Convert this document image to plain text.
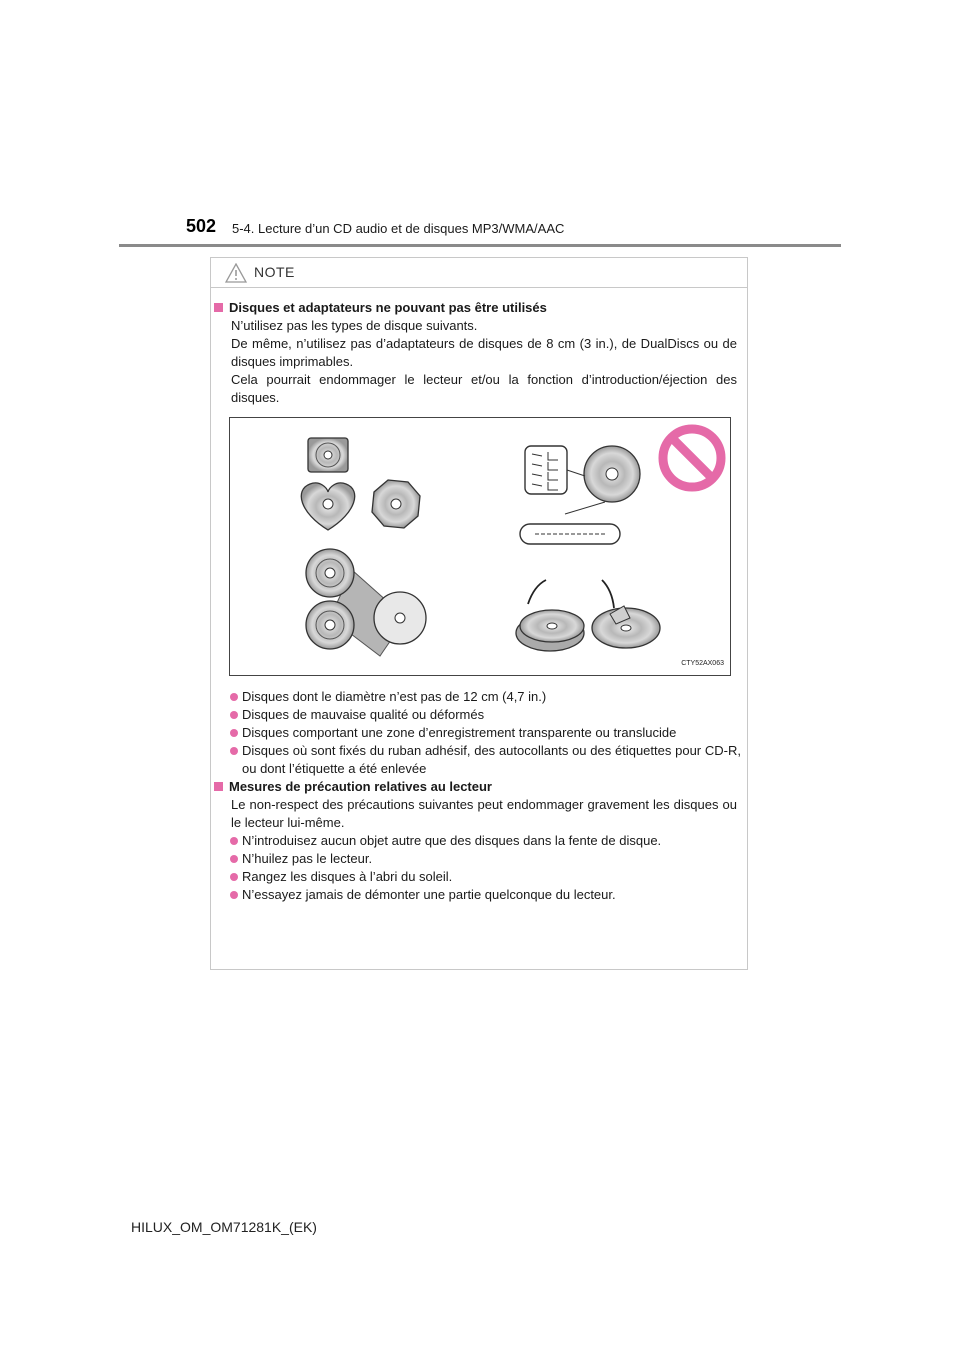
502 5-4. Lecture d’un CD audio et de disques MP3/WMA/AAC
NOTE

Disques et adaptateurs ne pouvant pas être utilisés

N’utilisez pas les types de disque suivants.

De même, n’utilisez pas d’adaptateurs de disques de 8 cm (3 in.), de DualDiscs ou de disques imprimables.

Cela pourrait endommager le lecteur et/ou la fonction d’introduction/éjection des disques.

CTY52AX063

Disques dont le diamètre n’est pas de 12 cm (4,7 in.)

Disques de mauvaise qualité ou déformés

Disques comportant une zone d’enregistrement transparente ou translucide

Disques où sont fixés du ruban adhésif, des autocollants ou des étiquettes pour CD-R, ou dont l’étiquette a été enlevée

Mesures de précaution relatives au lecteur

Le non-respect des précautions suivantes peut endommager gravement les disques ou le lecteur lui-même.

N’introduisez aucun objet autre que des disques dans la fente de disque.

N’huilez pas le lecteur.

Rangez les disques à l’abri du soleil.

N’essayez jamais de démonter une partie quelconque du lecteur.

HILUX_OM_OM71281K_(EK)
